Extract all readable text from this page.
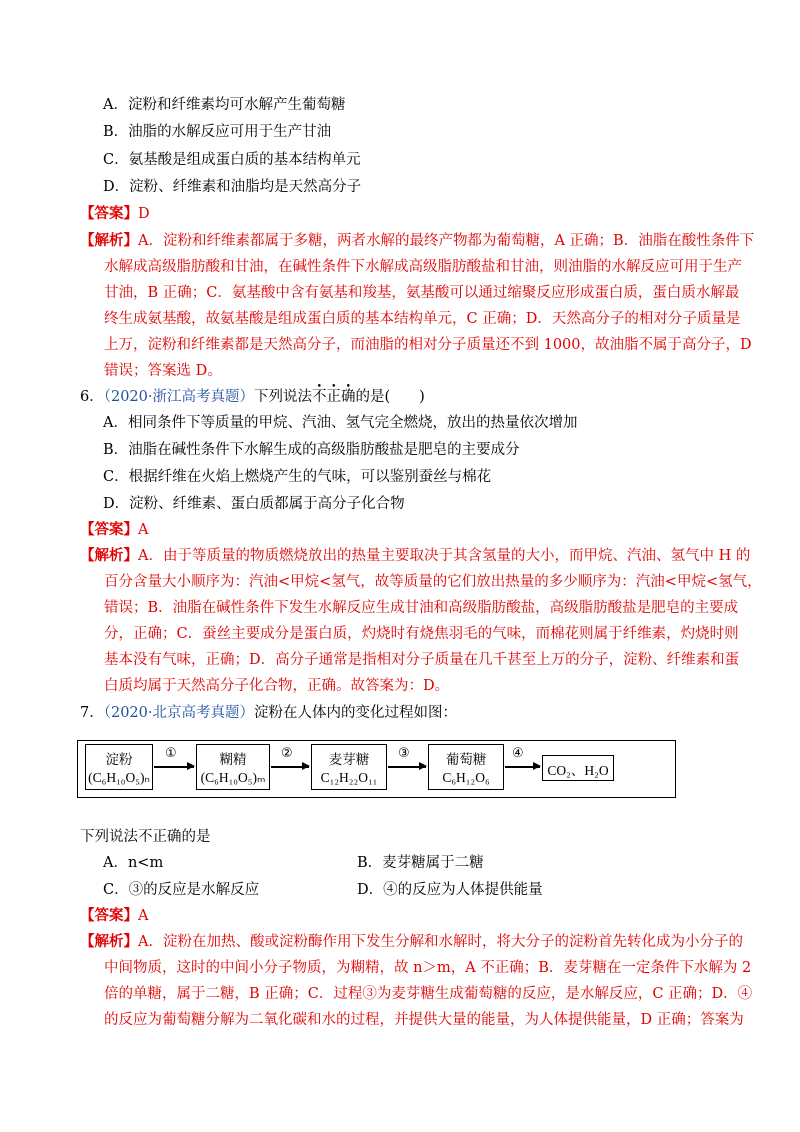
A．淀粉和纤维素均可水解产生葡萄糖
B．油脂的水解反应可用于生产甘油
C．氨基酸是组成蛋白质的基本结构单元
D．淀粉、纤维素和油脂均是天然高分子
【答案】D
【解析】A．淀粉和纤维素都属于多糖，两者水解的最终产物都为葡萄糖，A 正确；B．油脂在酸性条件下
水解成高级脂肪酸和甘油，在碱性条件下水解成高级脂肪酸盐和甘油，则油脂的水解反应可用于生产
甘油，B 正确；C．氨基酸中含有氨基和羧基，氨基酸可以通过缩聚反应形成蛋白质，蛋白质水解最
终生成氨基酸，故氨基酸是组成蛋白质的基本结构单元，C 正确；D．天然高分子的相对分子质量是
上万，淀粉和纤维素都是天然高分子，而油脂的相对分子质量还不到 1000，故油脂不属于高分子，D
错误；答案选 D。
6．（2020·浙江高考真题）下列说法不正确的是(　　)
A．相同条件下等质量的甲烷、汽油、氢气完全燃烧，放出的热量依次增加
B．油脂在碱性条件下水解生成的高级脂肪酸盐是肥皂的主要成分
C．根据纤维在火焰上燃烧产生的气味，可以鉴别蚕丝与棉花
D．淀粉、纤维素、蛋白质都属于高分子化合物
【答案】A
【解析】A．由于等质量的物质燃烧放出的热量主要取决于其含氢量的大小，而甲烷、汽油、氢气中 H 的
百分含量大小顺序为：汽油<甲烷<氢气，故等质量的它们放出热量的多少顺序为：汽油<甲烷<氢气，
错误；B．油脂在碱性条件下发生水解反应生成甘油和高级脂肪酸盐，高级脂肪酸盐是肥皂的主要成
分，正确；C．蚕丝主要成分是蛋白质，灼烧时有烧焦羽毛的气味，而棉花则属于纤维素，灼烧时则
基本没有气味，正确；D．高分子通常是指相对分子质量在几千甚至上万的分子，淀粉、纤维素和蛋
白质均属于天然高分子化合物，正确。故答案为：D。
7．（2020·北京高考真题）淀粉在人体内的变化过程如图：
淀粉
(C₆H₁₀O₅)ₙ
①	糊精
(C₆H₁₀O₅)ₘ
②	麦芽糖
C₁₂H₂₂O₁₁
③	葡萄糖
C₆H₁₂O₆
④
CO₂、H₂O
下列说法不正确的是
A．n<m	B．麦芽糖属于二糖
C．③的反应是水解反应	D．④的反应为人体提供能量
【答案】A
【解析】A．淀粉在加热、酸或淀粉酶作用下发生分解和水解时，将大分子的淀粉首先转化成为小分子的
中间物质，这时的中间小分子物质，为糊精，故 n＞m，A 不正确；B．麦芽糖在一定条件下水解为 2
倍的单糖，属于二糖，B 正确；C．过程③为麦芽糖生成葡萄糖的反应，是水解反应，C 正确；D．④
的反应为葡萄糖分解为二氧化碳和水的过程，并提供大量的能量，为人体提供能量，D 正确；答案为
